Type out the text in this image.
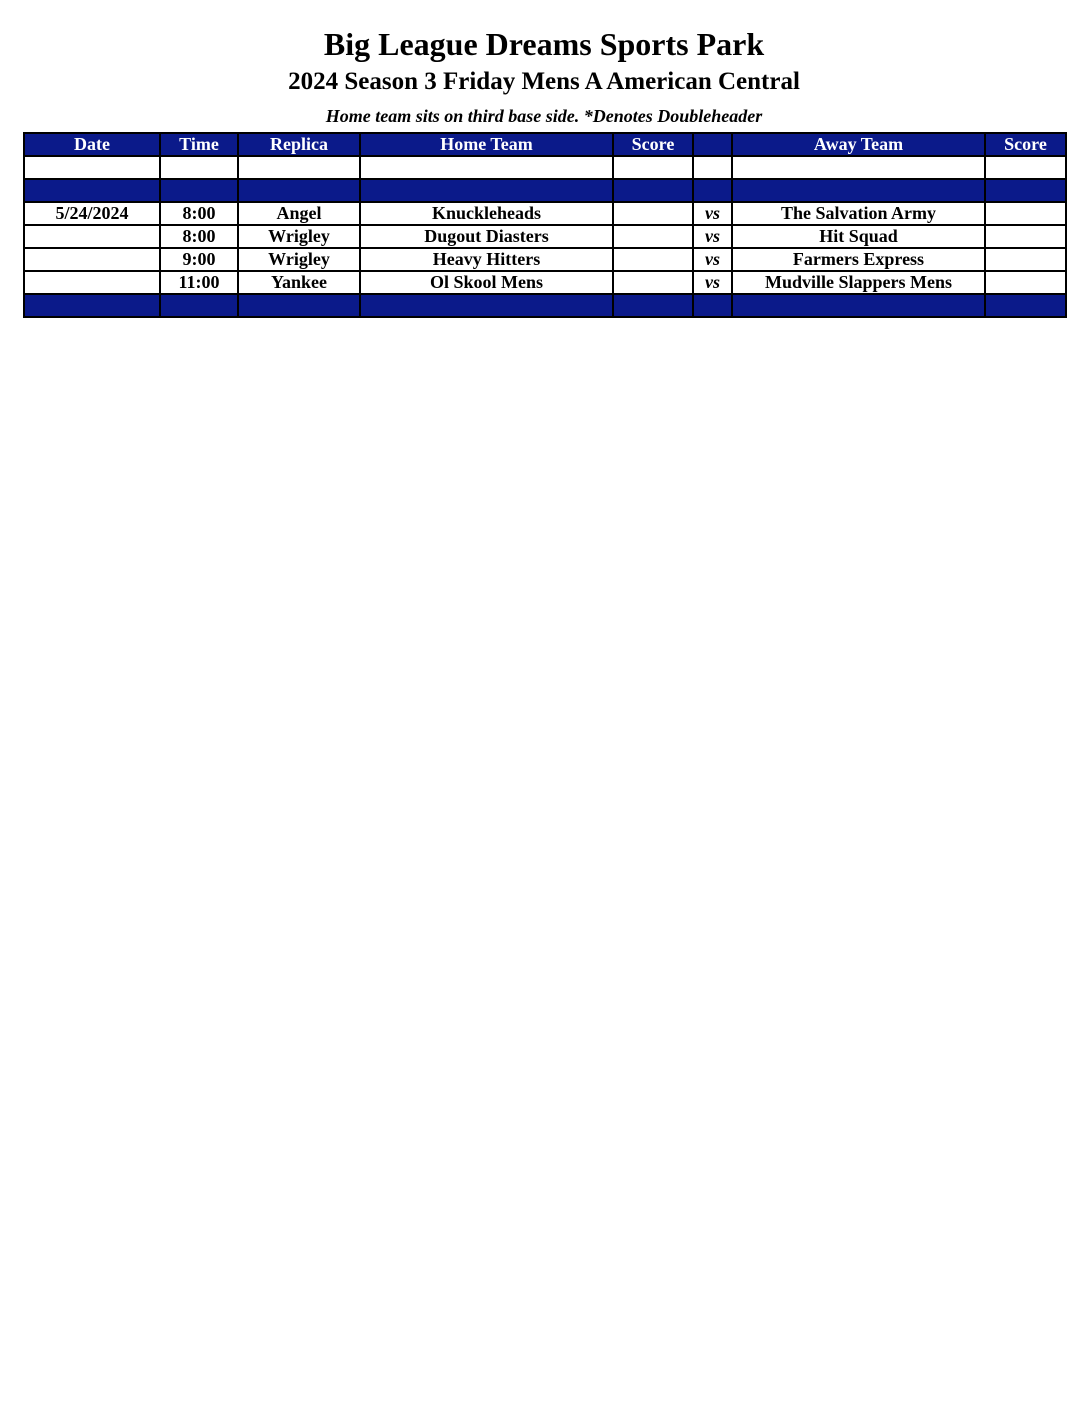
Big League Dreams Sports Park
2024 Season 3 Friday Mens A American Central
Home team sits on third base side. *Denotes Doubleheader
Date	Time	Replica	Home Team	Score		Away Team	Score

5/24/2024	8:00	Angel	Knuckleheads		vs	The Salvation Army	
	8:00	Wrigley	Dugout Diasters		vs	Hit Squad	
	9:00	Wrigley	Heavy Hitters		vs	Farmers Express	
	11:00	Yankee	Ol Skool Mens		vs	Mudville Slappers Mens	
